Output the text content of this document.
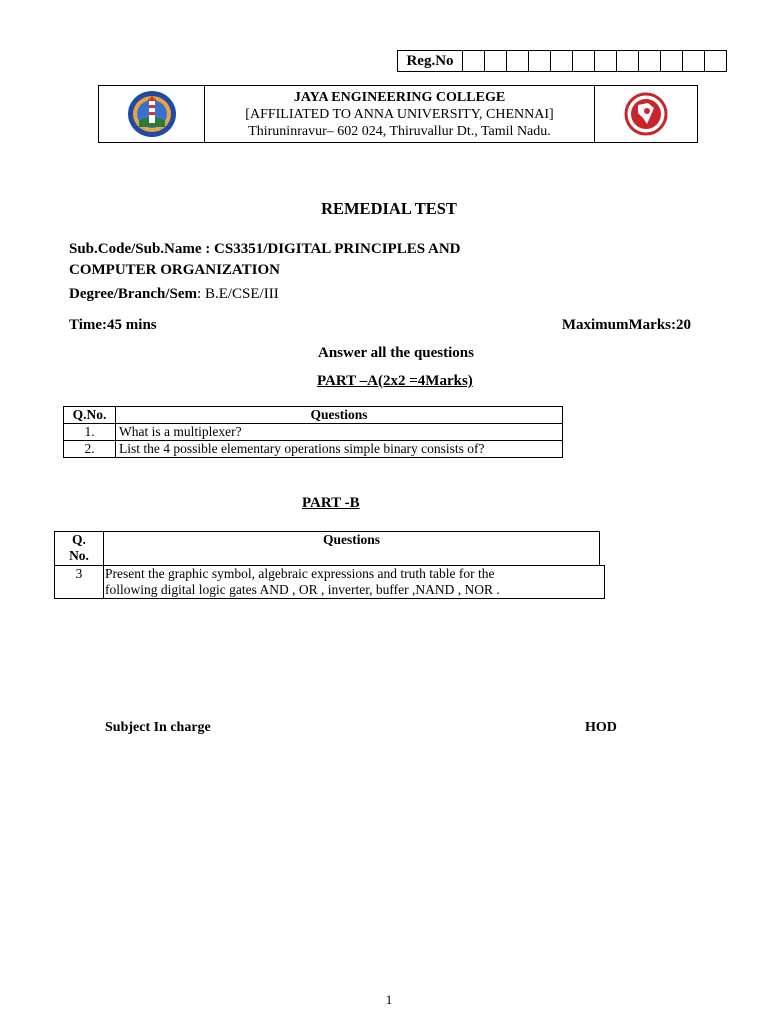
Reg.No
JAYA ENGINEERING COLLEGE
[AFFILIATED TO ANNA UNIVERSITY, CHENNAI]
Thiruninravur– 602 024, Thiruvallur Dt., Tamil Nadu.
REMEDIAL TEST
Sub.Code/Sub.Name : CS3351/DIGITAL PRINCIPLES AND
COMPUTER ORGANIZATION
Degree/Branch/Sem: B.E/CSE/III
Time:45 mins	MaximumMarks:20
Answer all the questions
PART –A(2x2 =4Marks)
Q.No.	Questions
1.	What is a multiplexer?
2.	List the 4 possible elementary operations simple binary consists of?
PART -B
Q.
No.
	Questions
3	Present the graphic symbol, algebraic expressions and truth table for the
following digital logic gates AND , OR , inverter, buffer ,NAND , NOR .
Subject In charge	HOD
1
